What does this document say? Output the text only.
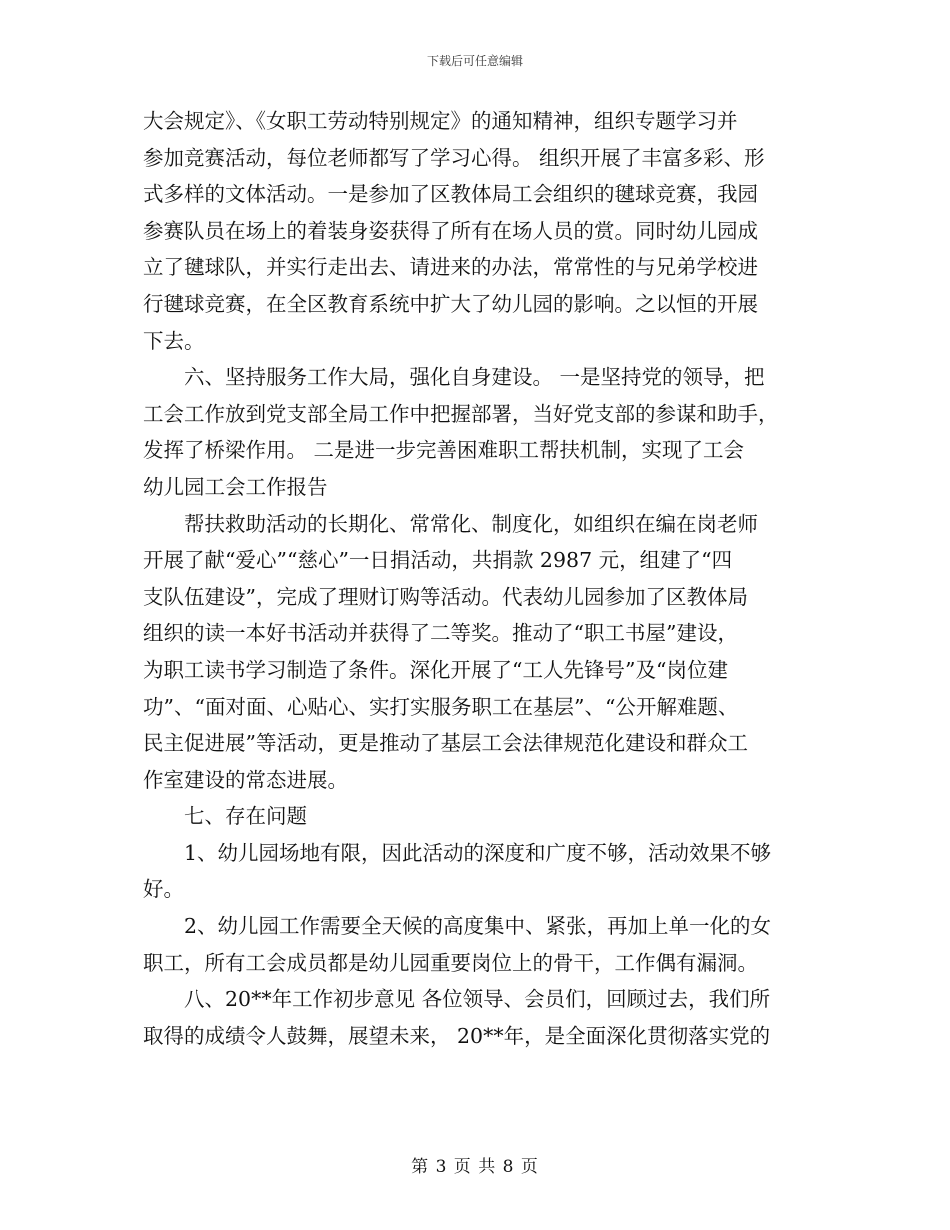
下载后可任意编辑
大会规定》、《女职工劳动特别规定》的通知精神，组织专题学习并
参加竞赛活动，每位老师都写了学习心得。 组织开展了丰富多彩、形
式多样的文体活动。一是参加了区教体局工会组织的毽球竞赛，我园
参赛队员在场上的着装身姿获得了所有在场人员的赏。同时幼儿园成
立了毽球队，并实行走出去、请进来的办法，常常性的与兄弟学校进
行毽球竞赛，在全区教育系统中扩大了幼儿园的影响。之以恒的开展
下去。
　　六、坚持服务工作大局，强化自身建设。 一是坚持党的领导，把
工会工作放到党支部全局工作中把握部署，当好党支部的参谋和助手，
发挥了桥梁作用。 二是进一步完善困难职工帮扶机制，实现了工会
幼儿园工会工作报告
　　帮扶救助活动的长期化、常常化、制度化，如组织在编在岗老师
开展了献“爱心”“慈心”一日捐活动，共捐款 2987 元，组建了“四
支队伍建设”，完成了理财订购等活动。代表幼儿园参加了区教体局
组织的读一本好书活动并获得了二等奖。推动了“职工书屋”建设，
为职工读书学习制造了条件。深化开展了“工人先锋号”及“岗位建
功”、“面对面、心贴心、实打实服务职工在基层”、“公开解难题、
民主促进展”等活动，更是推动了基层工会法律规范化建设和群众工
作室建设的常态进展。
　　七、存在问题
　　1、幼儿园场地有限，因此活动的深度和广度不够，活动效果不够
好。
　　2、幼儿园工作需要全天候的高度集中、紧张，再加上单一化的女
职工，所有工会成员都是幼儿园重要岗位上的骨干，工作偶有漏洞。
　　八、20**年工作初步意见 各位领导、会员们，回顾过去，我们所
取得的成绩令人鼓舞，展望未来， 20**年，是全面深化贯彻落实党的
第 3 页 共 8 页
